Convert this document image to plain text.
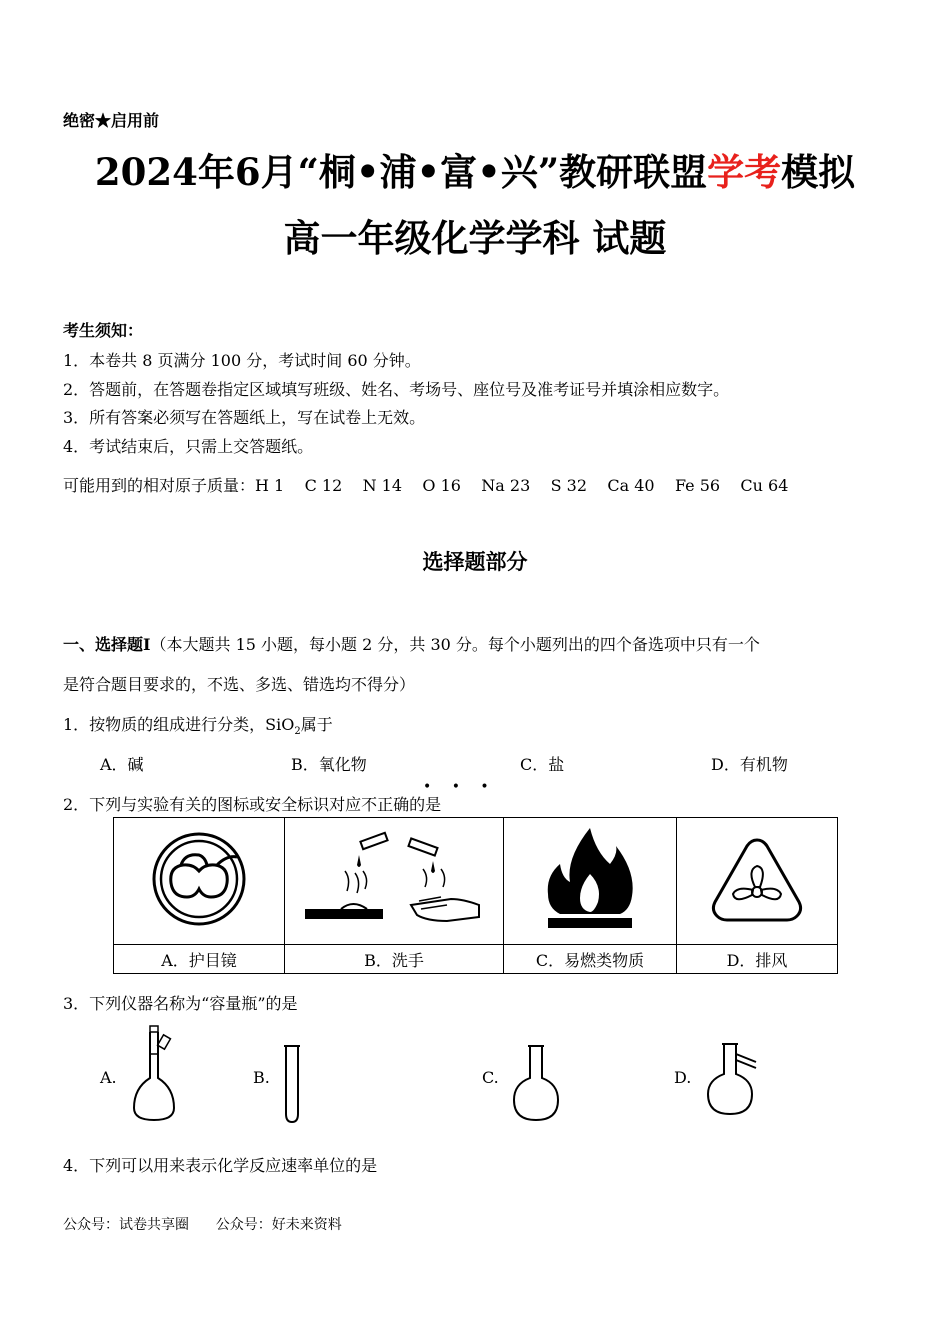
绝密★启用前
2024年6月“桐•浦•富•兴”教研联盟学考模拟
高一年级化学学科 试题
考生须知：
1．本卷共 8 页满分 100 分，考试时间 60 分钟。
2．答题前，在答题卷指定区域填写班级、姓名、考场号、座位号及准考证号并填涂相应数字。
3．所有答案必须写在答题纸上，写在试卷上无效。
4．考试结束后，只需上交答题纸。
可能用到的相对原子质量：H 1    C 12    N 14    O 16    Na 23    S 32    Ca 40    Fe 56    Cu 64
选择题部分
一、选择题Ⅰ（本大题共 15 小题，每小题 2 分，共 30 分。每个小题列出的四个备选项中只有一个
是符合题目要求的，不选、多选、错选均不得分）
1．按物质的组成进行分类，SiO$_2$属于
A．碱	B．氧化物	C．盐	D．有机物
• • •
2．下列与实验有关的图标或安全标识对应不正确的是

A．护目镜	B．洗手	C．易燃类物质	D．排风
3．下列仪器名称为“容量瓶”的是
A.	B.	C.	D.
4．下列可以用来表示化学反应速率单位的是
公众号：试卷共享圈      公众号：好未来资料
